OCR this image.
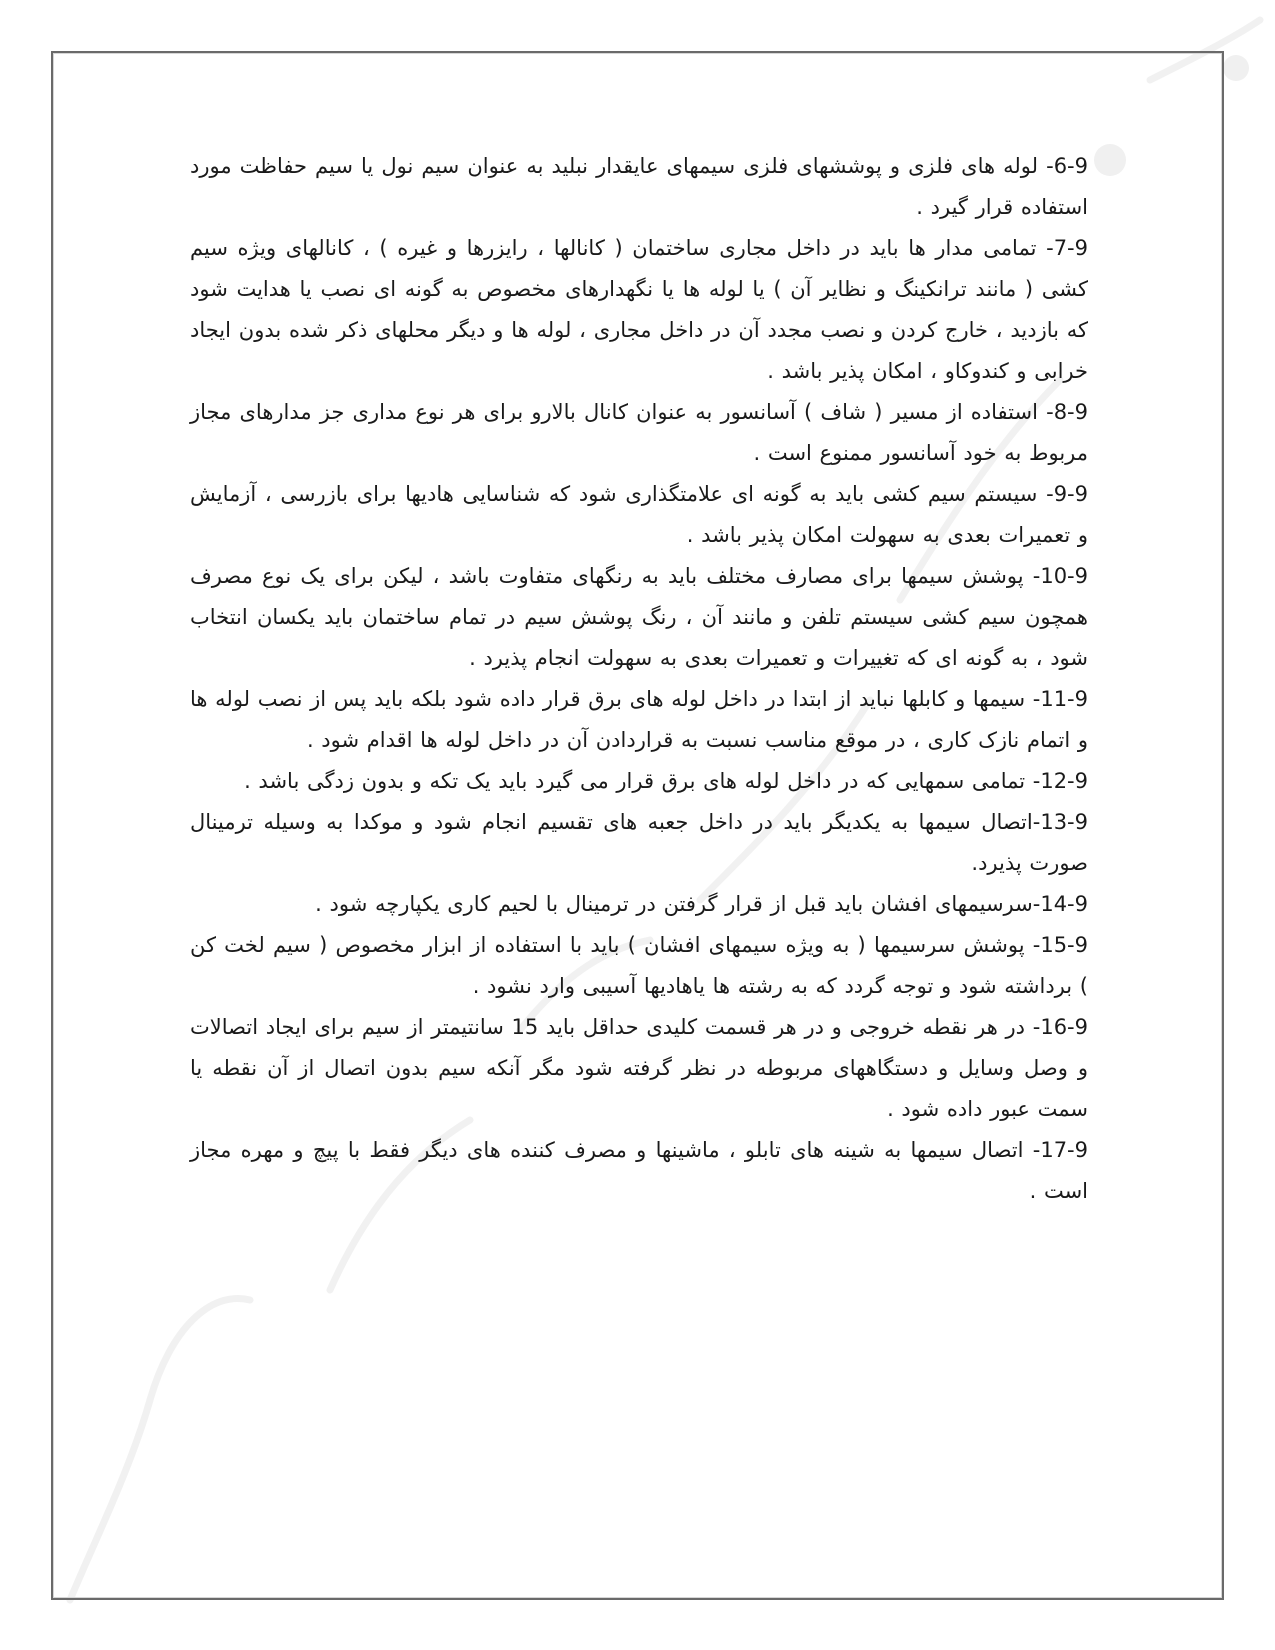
6-9- لوله های فلزی و پوششهای فلزی سیمهای عایقدار نبلید به عنوان سیم نول یا سیم حفاظت مورد استفاده قرار گیرد .

7-9- تمامی مدار ها باید در داخل مجاری ساختمان ( کانالها ، رایزرها و غیره ) ، کانالهای ویژه سیم کشی ( مانند ترانکینگ و نظایر آن ) یا لوله ها یا نگهدارهای مخصوص به گونه ای نصب یا هدایت شود که بازدید ، خارج کردن و نصب مجدد آن در داخل مجاری ، لوله ها و دیگر محلهای ذکر شده بدون ایجاد خرابی و کندوکاو ، امکان پذیر باشد .

8-9- استفاده از مسیر ( شاف ) آسانسور به عنوان کانال بالارو برای هر نوع مداری جز مدارهای مجاز مربوط به خود آسانسور ممنوع است .

9-9- سیستم سیم کشی باید به گونه ای علامتگذاری شود که شناسایی هادیها برای بازرسی ، آزمایش و تعمیرات بعدی به سهولت امکان پذیر باشد .

10-9- پوشش سیمها برای مصارف مختلف باید به رنگهای متفاوت باشد ، لیکن برای یک نوع مصرف همچون سیم کشی سیستم تلفن و مانند آن ، رنگ پوشش سیم در تمام ساختمان باید یکسان انتخاب شود ، به گونه ای که تغییرات و تعمیرات بعدی به سهولت انجام پذیرد .

11-9- سیمها و کابلها نباید از ابتدا در داخل لوله های برق قرار داده شود بلکه باید پس از نصب لوله ها و اتمام نازک کاری ، در موقع مناسب نسبت به قراردادن آن در داخل لوله ها اقدام شود .

12-9- تمامی سمهایی که در داخل لوله های برق قرار می گیرد باید یک تکه و بدون زدگی باشد .

13-9-اتصال سیمها به یکدیگر باید در داخل جعبه های تقسیم انجام شود و موکدا به وسیله ترمینال صورت پذیرد.

14-9-سرسیمهای افشان باید قبل از قرار گرفتن در ترمینال با لحیم کاری یکپارچه شود .

15-9- پوشش سرسیمها ( به ویژه سیمهای افشان ) باید با استفاده از ابزار مخصوص ( سیم لخت کن ) برداشته شود و توجه گردد که به رشته ها یاهادیها آسیبی وارد نشود .

16-9- در هر نقطه خروجی و در هر قسمت کلیدی حداقل باید 15 سانتیمتر از سیم برای ایجاد اتصالات و وصل وسایل و دستگاههای مربوطه در نظر گرفته شود مگر آنکه سیم بدون اتصال از آن نقطه یا سمت عبور داده شود .

17-9- اتصال سیمها به شینه های تابلو ، ماشینها و مصرف کننده های دیگر فقط با پیچ و مهره مجاز است .
